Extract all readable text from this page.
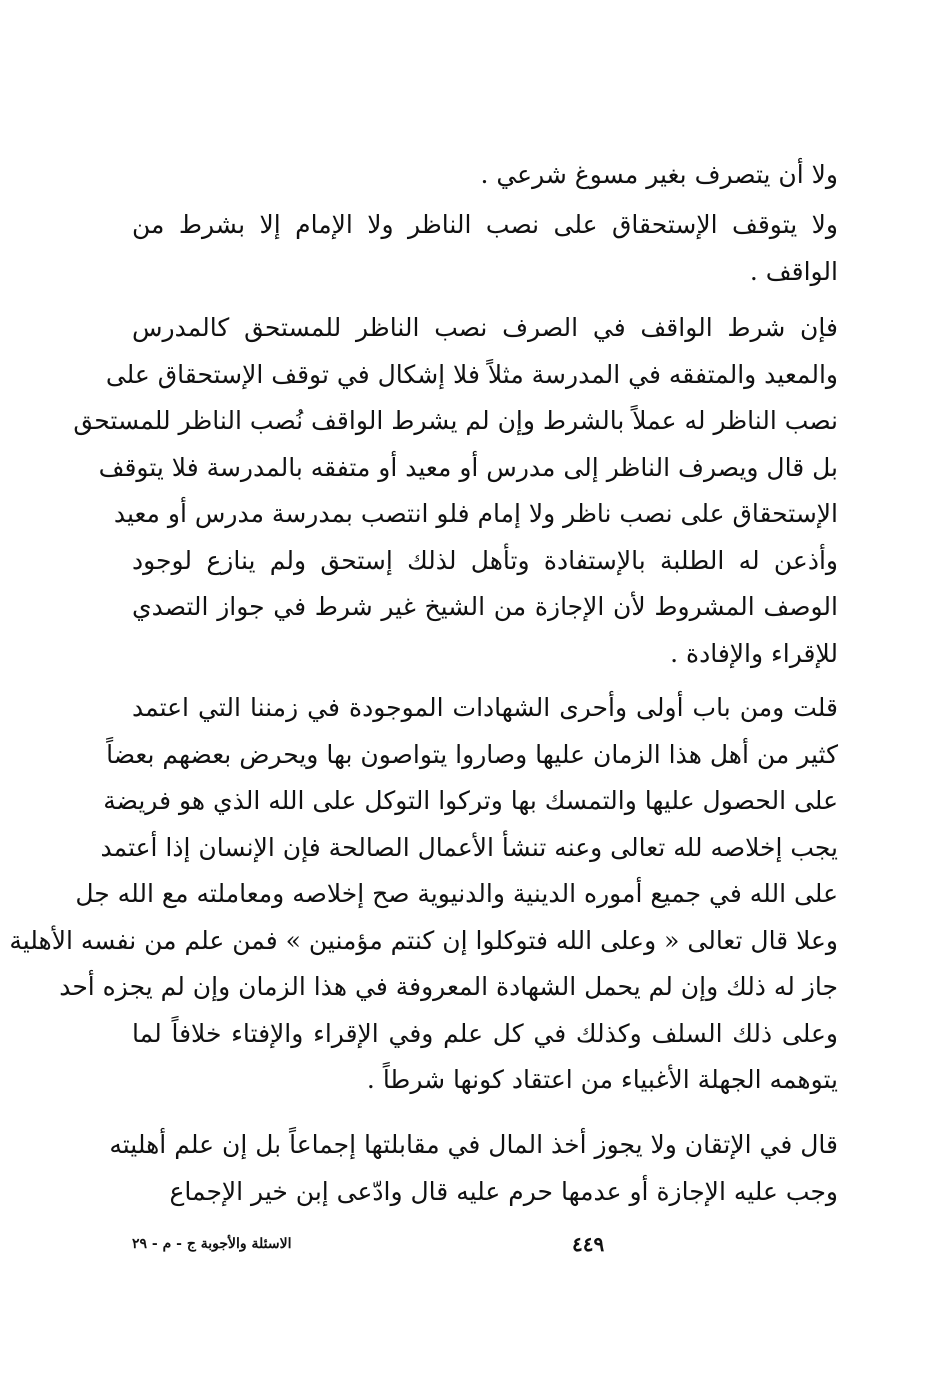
ولا أن يتصرف بغير مسوغ شرعي .
ولا يتوقف الإستحقاق على نصب الناظر ولا الإمام إلا بشرط من
الواقف .
فإن شرط الواقف في الصرف نصب الناظر للمستحق كالمدرس
والمعيد والمتفقه في المدرسة مثلاً فلا إشكال في توقف الإستحقاق على
نصب الناظر له عملاً بالشرط وإن لم يشرط الواقف نُصب الناظر للمستحق
بل قال ويصرف الناظر إلى مدرس أو معيد أو متفقه بالمدرسة فلا يتوقف
الإستحقاق على نصب ناظر ولا إمام فلو انتصب بمدرسة مدرس أو معيد
وأذعن له الطلبة بالإستفادة وتأهل لذلك إستحق ولم ينازع لوجود
الوصف المشروط لأن الإجازة من الشيخ غير شرط في جواز التصدي
للإقراء والإفادة .
قلت ومن باب أولى وأحرى الشهادات الموجودة في زمننا التي اعتمد
كثير من أهل هذا الزمان عليها وصاروا يتواصون بها ويحرض بعضهم بعضاً
على الحصول عليها والتمسك بها وتركوا التوكل على الله الذي هو فريضة
يجب إخلاصه لله تعالى وعنه تنشأ الأعمال الصالحة فإن الإنسان إذا أعتمد
على الله في جميع أموره الدينية والدنيوية صح إخلاصه ومعاملته مع الله جل
وعلا قال تعالى « وعلى الله فتوكلوا إن كنتم مؤمنين » فمن علم من نفسه الأهلية
جاز له ذلك وإن لم يحمل الشهادة المعروفة في هذا الزمان وإن لم يجزه أحد
وعلى ذلك السلف وكذلك في كل علم وفي الإقراء والإفتاء خلافاً لما
يتوهمه الجهلة الأغبياء من اعتقاد كونها شرطاً .
قال في الإتقان ولا يجوز أخذ المال في مقابلتها إجماعاً بل إن علم أهليته
وجب عليه الإجازة أو عدمها حرم عليه قال وادّعى إبن خير الإجماع
٤٤٩
الاسئلة والأجوبة ج - م - ٢٩
